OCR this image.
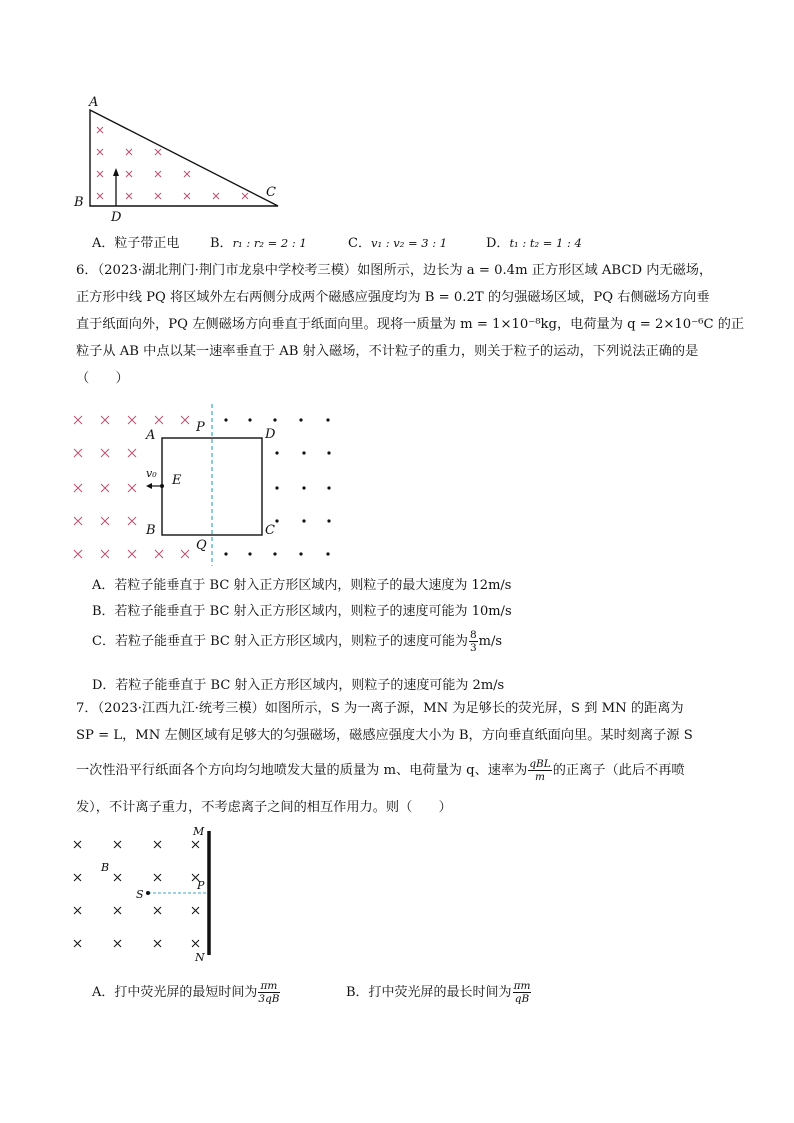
A
B
C
D
A．粒子带正电 B．r₁ : r₂ = 2 : 1	C．v₁ : v₂ = 3 : 1	D．t₁ : t₂ = 1 : 4
6．（2023·湖北荆门·荆门市龙泉中学校考三模）如图所示，边长为 a = 0.4m 正方形区域 ABCD 内无磁场，
正方形中线 PQ 将区域外左右两侧分成两个磁感应强度均为 B = 0.2T 的匀强磁场区域，PQ 右侧磁场方向垂
直于纸面向外，PQ 左侧磁场方向垂直于纸面向里。现将一质量为 m = 1×10⁻⁸kg，电荷量为 q = 2×10⁻⁶C 的正
粒子从 AB 中点以某一速率垂直于 AB 射入磁场，不计粒子的重力，则关于粒子的运动，下列说法正确的是
（　　）
A
P	D
E
v₀
B
Q
C
A．若粒子能垂直于 BC 射入正方形区域内，则粒子的最大速度为 12m/s
B．若粒子能垂直于 BC 射入正方形区域内，则粒子的速度可能为 10m/s
C．若粒子能垂直于 BC 射入正方形区域内，则粒子的速度可能为 $\frac{8}{3} m/s$
D．若粒子能垂直于 BC 射入正方形区域内，则粒子的速度可能为 2m/s
7．（2023·江西九江·统考三模）如图所示，S 为一离子源，MN 为足够长的荧光屏，S 到 MN 的距离为
SP = L，MN 左侧区域有足够大的匀强磁场，磁感应强度大小为 B，方向垂直纸面向里。某时刻离子源 S
一次性沿平行纸面各个方向均匀地喷发大量的质量为 m、电荷量为 q、速率为 $\frac{\text{qBL}}{m}$ 的正离子（此后不再喷
发），不计离子重力，不考虑离子之间的相互作用力。则（　　）
M
B
S
P
N
A．打中荧光屏的最短时间为 $\frac{\pi m}{3qB}$	B．打中荧光屏的最长时间为 $\frac{\pi m}{qB}$
